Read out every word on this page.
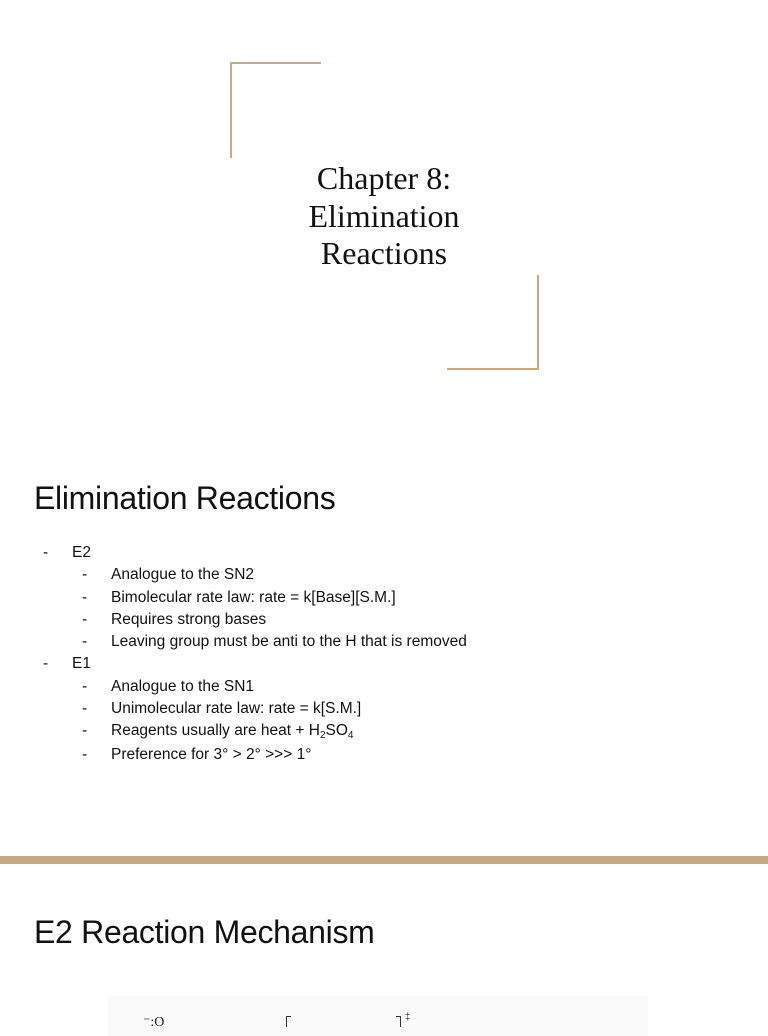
Chapter 8:
Elimination
Reactions
Elimination Reactions
- E2
- Analogue to the SN2
- Bimolecular rate law: rate = k[Base][S.M.]
- Requires strong bases
- Leaving group must be anti to the H that is removed
- E1
- Analogue to the SN1
- Unimolecular rate law: rate = k[S.M.]
- Reagents usually are heat + $H_2SO_4$
- Preference for 3° > 2° >>> 1°
E2 Reaction Mechanism
⁻:O	‡
